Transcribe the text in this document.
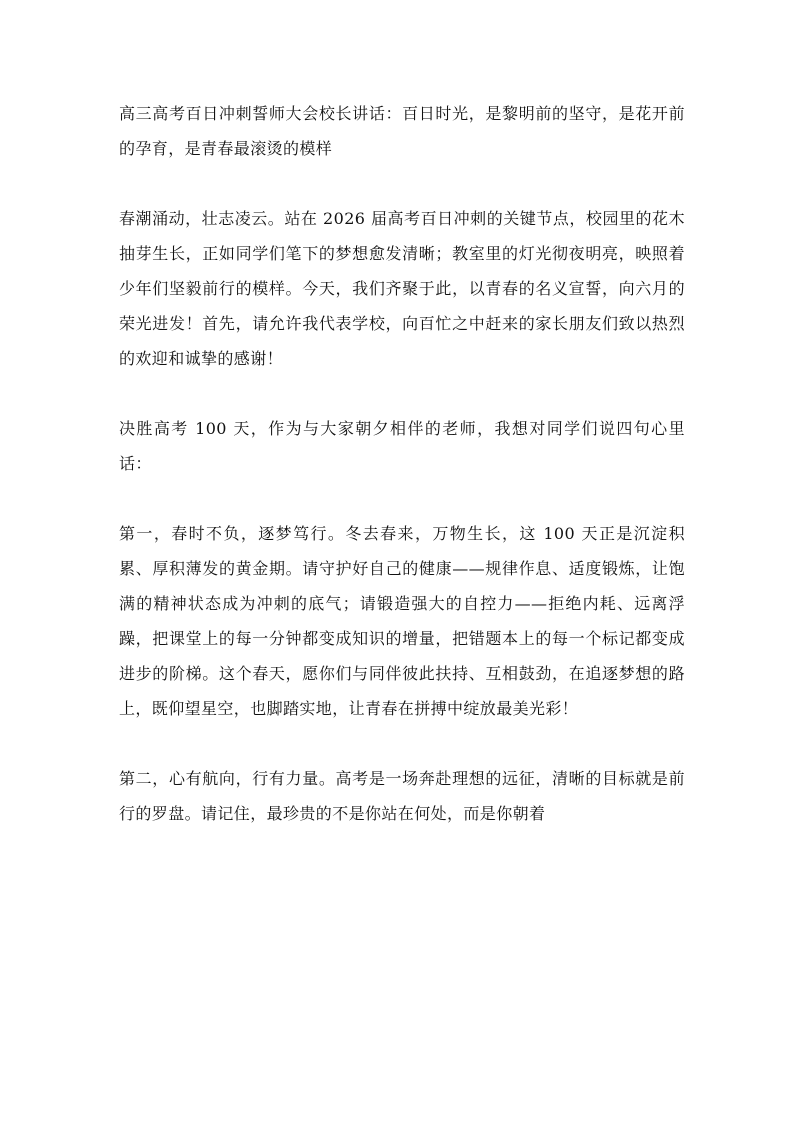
高三高考百日冲刺誓师大会校长讲话：百日时光，是黎明前的坚守，是花开前的孕育，是青春最滚烫的模样

春潮涌动，壮志凌云。站在 2026 届高考百日冲刺的关键节点，校园里的花木抽芽生长，正如同学们笔下的梦想愈发清晰；教室里的灯光彻夜明亮，映照着少年们坚毅前行的模样。今天，我们齐聚于此，以青春的名义宣誓，向六月的荣光进发！首先，请允许我代表学校，向百忙之中赶来的家长朋友们致以热烈的欢迎和诚挚的感谢！

决胜高考 100 天，作为与大家朝夕相伴的老师，我想对同学们说四句心里话：

第一，春时不负，逐梦笃行。冬去春来，万物生长，这 100 天正是沉淀积累、厚积薄发的黄金期。请守护好自己的健康——规律作息、适度锻炼，让饱满的精神状态成为冲刺的底气；请锻造强大的自控力——拒绝内耗、远离浮躁，把课堂上的每一分钟都变成知识的增量，把错题本上的每一个标记都变成进步的阶梯。这个春天，愿你们与同伴彼此扶持、互相鼓劲，在追逐梦想的路上，既仰望星空，也脚踏实地，让青春在拼搏中绽放最美光彩！

第二，心有航向，行有力量。高考是一场奔赴理想的远征，清晰的目标就是前行的罗盘。请记住，最珍贵的不是你站在何处，而是你朝着
